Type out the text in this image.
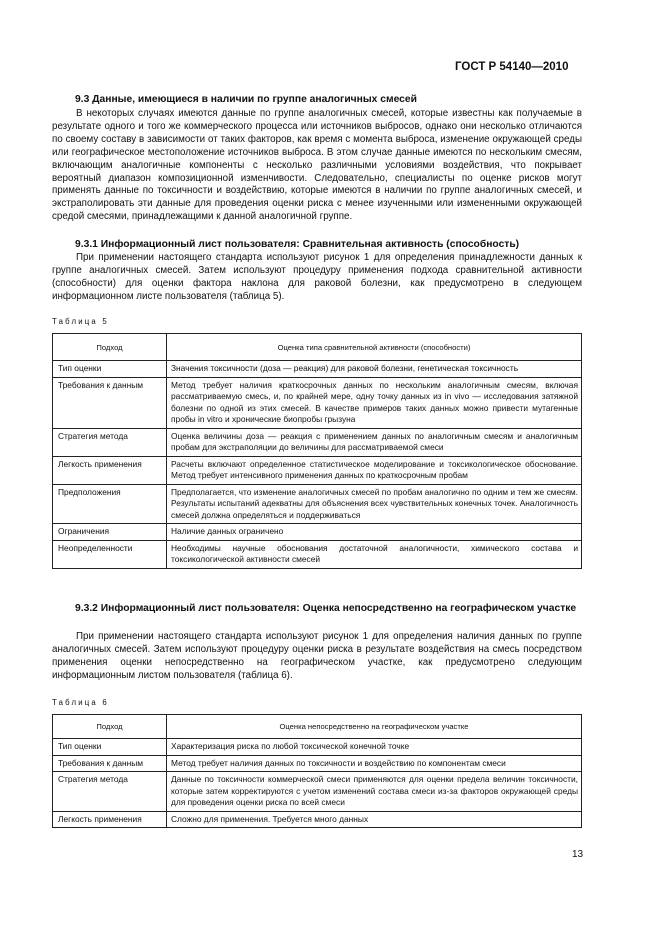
ГОСТ Р 54140—2010
9.3 Данные, имеющиеся в наличии по группе аналогичных смесей
В некоторых случаях имеются данные по группе аналогичных смесей, которые известны как получаемые в результате одного и того же коммерческого процесса или источников выбросов, однако они несколько отличаются по своему составу в зависимости от таких факторов, как время с момента выброса, изменение окружающей среды или географическое местоположение источников выброса. В этом случае данные имеются по нескольким смесям, включающим аналогичные компоненты с несколько различными условиями воздействия, что покрывает вероятный диапазон композиционной изменчивости. Следовательно, специалисты по оценке рисков могут применять данные по токсичности и воздействию, которые имеются в наличии по группе аналогичных смесей, и экстраполировать эти данные для проведения оценки риска с менее изученными или измененными окружающей средой смесями, принадлежащими к данной аналогичной группе.
9.3.1 Информационный лист пользователя: Сравнительная активность (способность)
При применении настоящего стандарта используют рисунок 1 для определения принадлежности данных к группе аналогичных смесей. Затем используют процедуру применения подхода сравнительной активности (способности) для оценки фактора наклона для раковой болезни, как предусмотрено в следующем информационном листе пользователя (таблица 5).
Таблица 5
Подход	Оценка типа сравнительной активности (способности)
Тип оценки	Значения токсичности (доза — реакция) для раковой болезни, генетическая токсичность
Требования к данным	Метод требует наличия краткосрочных данных по нескольким аналогичным смесям, включая рассматриваемую смесь, и, по крайней мере, одну точку данных из in vivo — исследования затяжной болезни по одной из этих смесей. В качестве примеров таких данных можно привести мутагенные пробы in vitro и хронические биопробы грызуна
Стратегия метода	Оценка величины доза — реакция с применением данных по аналогичным смесям и аналогичным пробам для экстраполяции до величины для рассматриваемой смеси
Легкость применения	Расчеты включают определенное статистическое моделирование и токсикологическое обоснование. Метод требует интенсивного применения данных по краткосрочным пробам
Предположения	Предполагается, что изменение аналогичных смесей по пробам аналогично по одним и тем же смесям. Результаты испытаний адекватны для объяснения всех чувствительных конечных точек. Аналогичность смесей должна определяться и поддерживаться
Ограничения	Наличие данных ограничено
Неопределенности	Необходимы научные обоснования достаточной аналогичности, химического состава и токсикологической активности смесей
9.3.2 Информационный лист пользователя: Оценка непосредственно на географическом участке
При применении настоящего стандарта используют рисунок 1 для определения наличия данных по группе аналогичных смесей. Затем используют процедуру оценки риска в результате воздействия на смесь посредством применения оценки непосредственно на географическом участке, как предусмотрено следующим информационным листом пользователя (таблица 6).
Таблица 6
Подход	Оценка непосредственно на географическом участке
Тип оценки	Характеризация риска по любой токсической конечной точке
Требования к данным	Метод требует наличия данных по токсичности и воздействию по компонентам смеси
Стратегия метода	Данные по токсичности коммерческой смеси применяются для оценки предела величин токсичности, которые затем корректируются с учетом изменений состава смеси из-за факторов окружающей среды для проведения оценки риска по всей смеси
Легкость применения	Сложно для применения. Требуется много данных
13
